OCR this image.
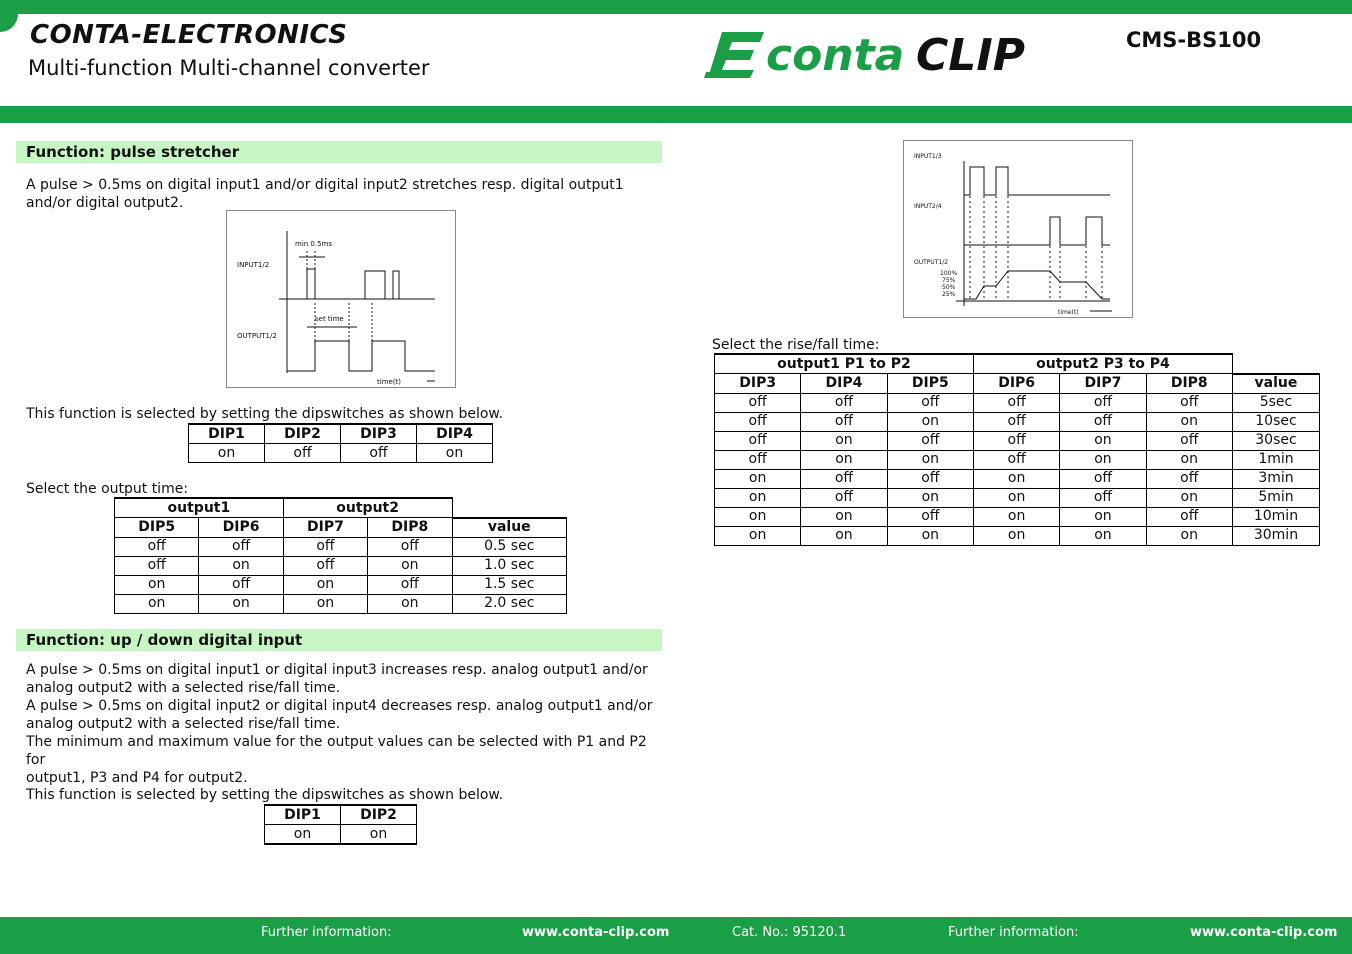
CONTA-ELECTRONICS
Multi-function Multi-channel converter	conta CLIP	CMS-BS100
Function: pulse stretcher
A pulse > 0.5ms on digital input1 and/or digital input2 stretches resp. digital output1 and/or digital output2.
min 0.5ms
INPUT1/2
set time
OUTPUT1/2
time(t)
This function is selected by setting the dipswitches as shown below.
DIP1	DIP2	DIP3	DIP4
on	off	off	on
Select the output time:
output1		output2		
DIP5	DIP6	DIP7	DIP8	value
off	off	off	off	0.5 sec
off	on	off	on	1.0 sec
on	off	on	off	1.5 sec
on	on	on	on	2.0 sec
Function: up / down digital input
A pulse > 0.5ms on digital input1 or digital input3 increases resp. analog output1 and/or
analog output2 with a selected rise/fall time.
A pulse > 0.5ms on digital input2 or digital input4 decreases resp. analog output1 and/or
analog output2 with a selected rise/fall time.
The minimum and maximum value for the output values can be selected with P1 and P2 for
output1, P3 and P4 for output2.
This function is selected by setting the dipswitches as shown below.
DIP1	DIP2
on	on
INPUT1/3
INPUT2/4
OUTPUT1/2
100%
75%
50%
25%
time(t)
Select the rise/fall time:
output1 P1 to P2			output2 P3 to P4			
DIP3	DIP4	DIP5	DIP6	DIP7	DIP8	value
off	off	off	off	off	off	5sec
off	off	on	off	off	on	10sec
off	on	off	off	on	off	30sec
off	on	on	off	on	on	1min
on	off	off	on	off	off	3min
on	off	on	on	off	on	5min
on	on	off	on	on	off	10min
on	on	on	on	on	on	30min
Further information:	www.conta-clip.com	Cat. No.: 95120.1	Further information:	www.conta-clip.com
